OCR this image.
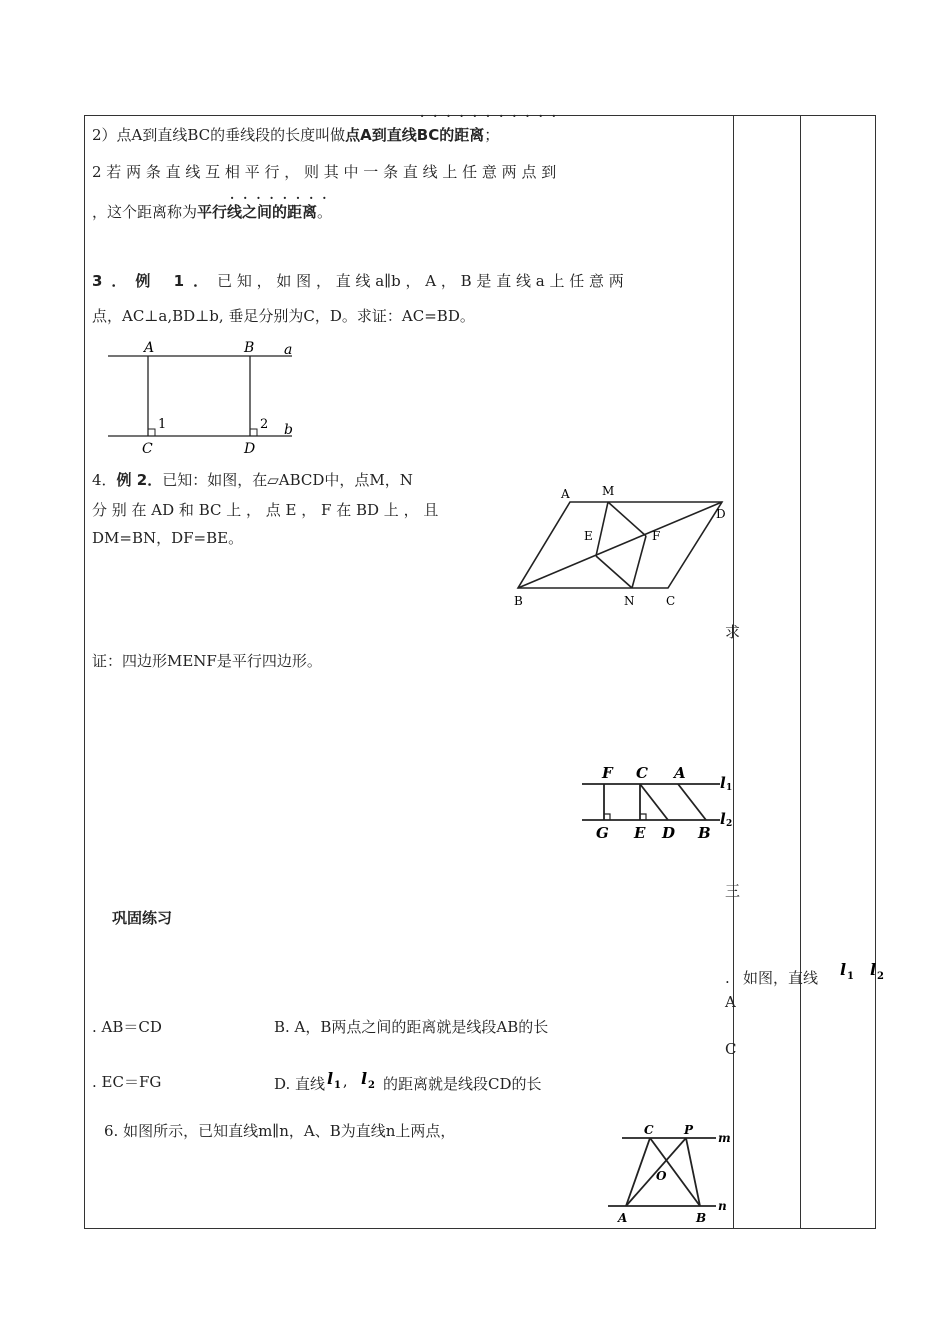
...........
........
2）点A到直线BC的垂线段的长度叫做点A到直线BC的距离；
2 若 两 条 直 线 互 相 平 行 ， 则 其 中 一 条 直 线 上 任 意 两 点 到
，这个距离称为平行线之间的距离。
3．例 1．已 知 ， 如 图 ， 直 线 a∥b ， A ， B 是 直 线 a 上 任 意 两
点，AC⊥a,BD⊥b, 垂足分别为C，D。求证：AC=BD。
A	B a
C
1
D
2 b
4．例 2．已知：如图，在▱ABCD中，点M，N
分 别 在 AD 和 BC 上 ， 点 E ， F 在 BD 上 ， 且
DM=BN，DF=BE。
证：四边形MENF是平行四边形。
A	M
D
E	F
B	N	C
求
三
.
A
C
如图，直线 l 1 l 2
F C A
l
G E D B
l
1
2
巩固练习
. AB＝CD	B. A，B两点之间的距离就是线段AB的长
. EC＝FG	D. 直线 l 1 , l 2 的距离就是线段CD的长
6. 如图所示，已知直线m∥n，A、B为直线n上两点，	C	P
m
O
A	B
n
